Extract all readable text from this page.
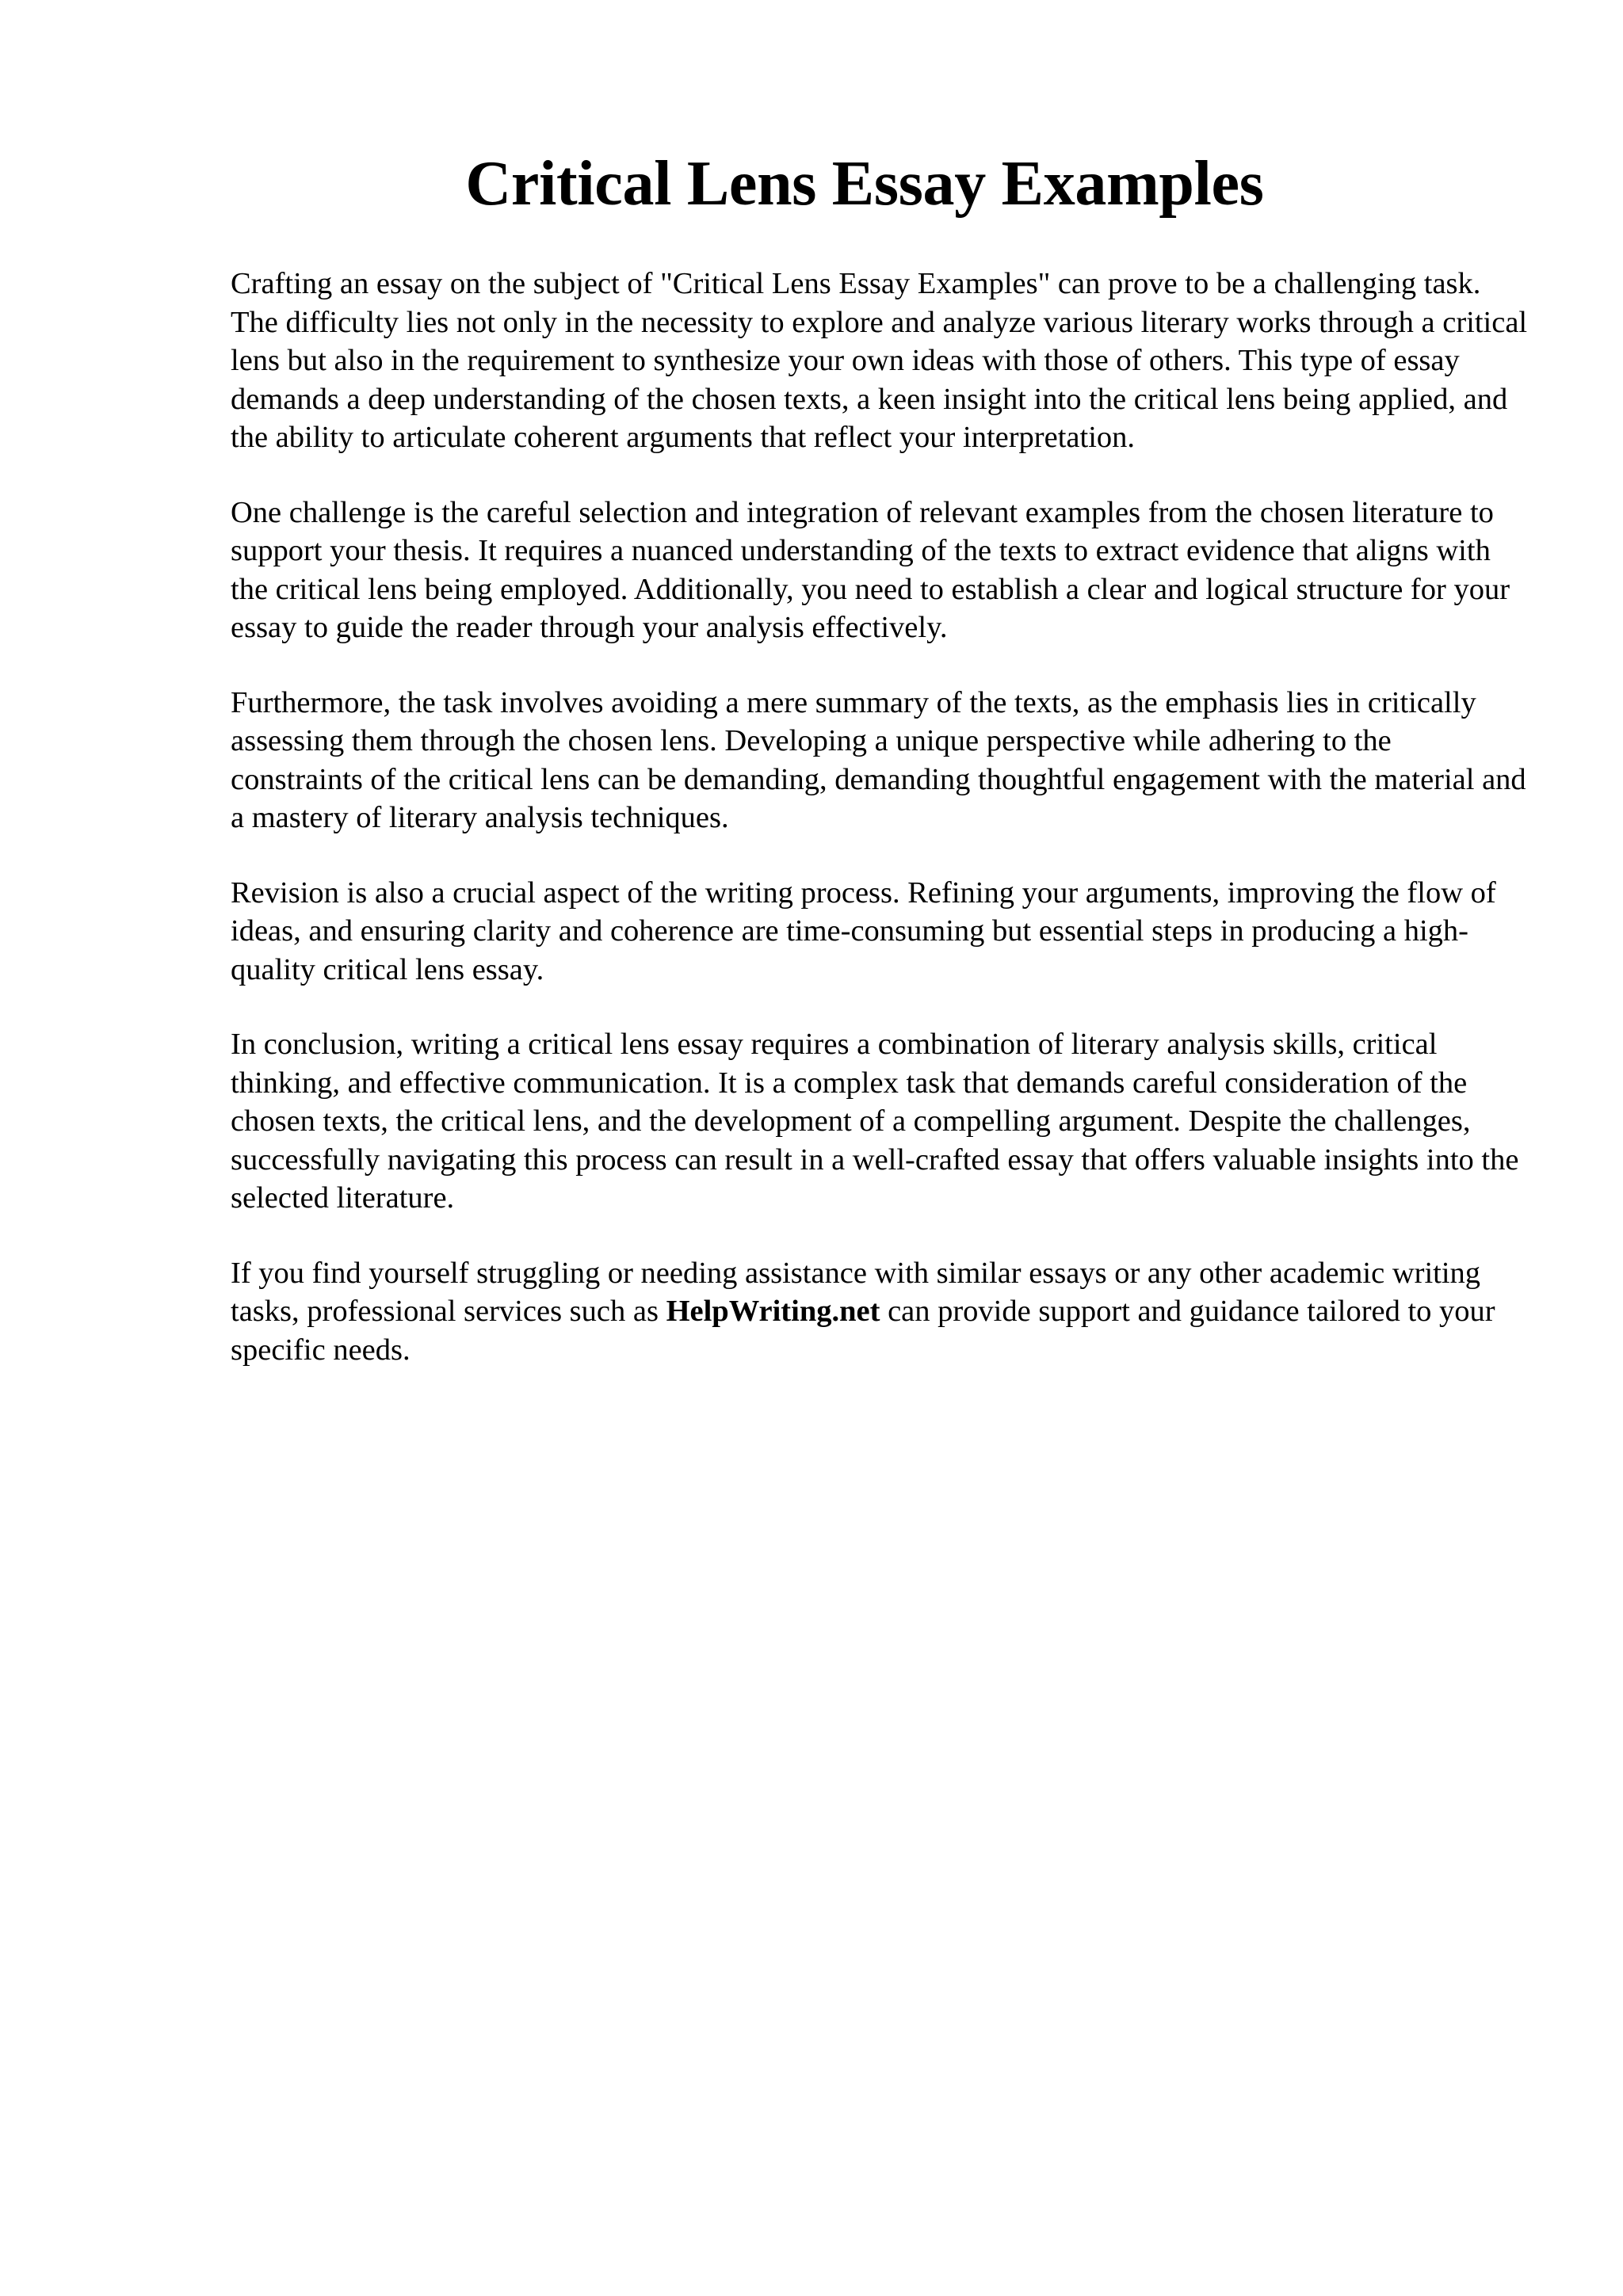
Critical Lens Essay Examples

Crafting an essay on the subject of "Critical Lens Essay Examples" can prove to be a challenging task. The difficulty lies not only in the necessity to explore and analyze various literary works through a critical lens but also in the requirement to synthesize your own ideas with those of others. This type of essay demands a deep understanding of the chosen texts, a keen insight into the critical lens being applied, and the ability to articulate coherent arguments that reflect your interpretation.

One challenge is the careful selection and integration of relevant examples from the chosen literature to support your thesis. It requires a nuanced understanding of the texts to extract evidence that aligns with the critical lens being employed. Additionally, you need to establish a clear and logical structure for your essay to guide the reader through your analysis effectively.

Furthermore, the task involves avoiding a mere summary of the texts, as the emphasis lies in critically assessing them through the chosen lens. Developing a unique perspective while adhering to the constraints of the critical lens can be demanding, demanding thoughtful engagement with the material and a mastery of literary analysis techniques.

Revision is also a crucial aspect of the writing process. Refining your arguments, improving the flow of ideas, and ensuring clarity and coherence are time-consuming but essential steps in producing a high-quality critical lens essay.

In conclusion, writing a critical lens essay requires a combination of literary analysis skills, critical thinking, and effective communication. It is a complex task that demands careful consideration of the chosen texts, the critical lens, and the development of a compelling argument. Despite the challenges, successfully navigating this process can result in a well-crafted essay that offers valuable insights into the selected literature.

If you find yourself struggling or needing assistance with similar essays or any other academic writing tasks, professional services such as HelpWriting.net can provide support and guidance tailored to your specific needs.
